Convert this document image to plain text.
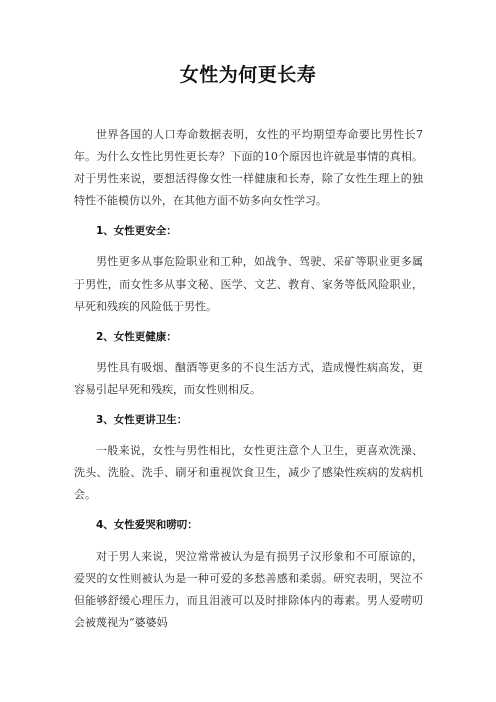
女性为何更长寿

世界各国的人口寿命数据表明，女性的平均期望寿命要比男性长7年。为什么女性比男性更长寿？下面的10个原因也许就是事情的真相。对于男性来说，要想活得像女性一样健康和长寿，除了女性生理上的独特性不能模仿以外，在其他方面不妨多向女性学习。

1、女性更安全：

男性更多从事危险职业和工种，如战争、驾驶、采矿等职业更多属于男性，而女性多从事文秘、医学、文艺、教育、家务等低风险职业，早死和残疾的风险低于男性。

2、女性更健康：

男性具有吸烟、酗酒等更多的不良生活方式，造成慢性病高发，更容易引起早死和残疾，而女性则相反。

3、女性更讲卫生：

一般来说，女性与男性相比，女性更注意个人卫生，更喜欢洗澡、洗头、洗脸、洗手、刷牙和重视饮食卫生，减少了感染性疾病的发病机会。

4、女性爱哭和唠叨：

对于男人来说，哭泣常常被认为是有损男子汉形象和不可原谅的，爱哭的女性则被认为是一种可爱的多愁善感和柔弱。研究表明，哭泣不但能够舒缓心理压力，而且泪液可以及时排除体内的毒素。男人爱唠叨会被蔑视为“婆婆妈
